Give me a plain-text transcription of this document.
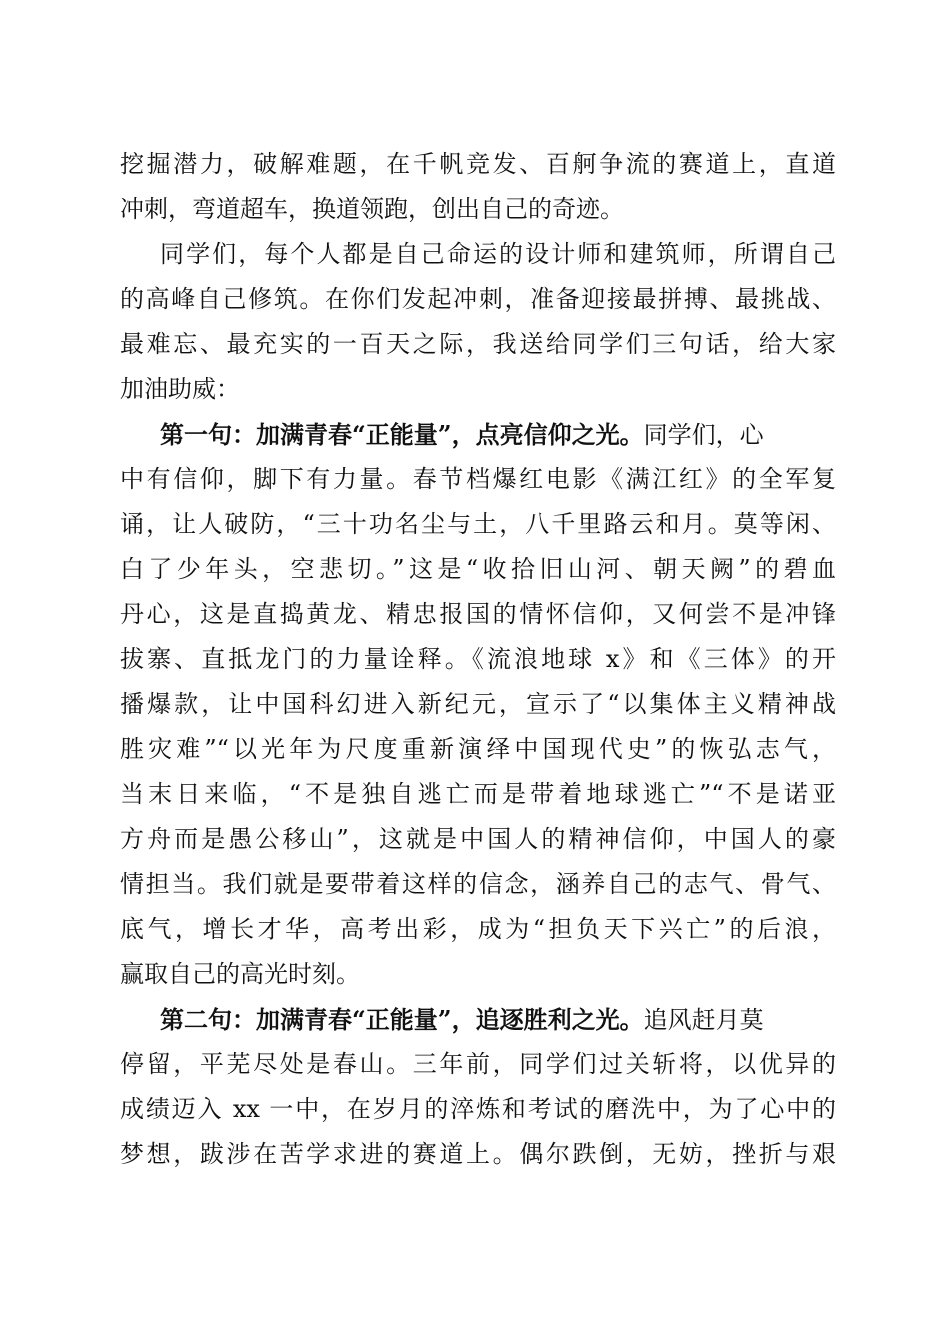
挖掘潜力，破解难题，在千帆竞发、百舸争流的赛道上，直道
冲刺，弯道超车，换道领跑，创出自己的奇迹。
同学们，每个人都是自己命运的设计师和建筑师，所谓自己
的高峰自己修筑。在你们发起冲刺，准备迎接最拼搏、最挑战、
最难忘、最充实的一百天之际，我送给同学们三句话，给大家
加油助威：
第一句：加满青春“正能量”，点亮信仰之光。同学们，心
中有信仰，脚下有力量。春节档爆红电影《满江红》的全军复
诵，让人破防，“三十功名尘与土，八千里路云和月。莫等闲、
白了少年头，空悲切。”这是“收拾旧山河、朝天阙”的碧血
丹心，这是直捣黄龙、精忠报国的情怀信仰，又何尝不是冲锋
拔寨、直抵龙门的力量诠释。《流浪地球 x》和《三体》的开
播爆款，让中国科幻进入新纪元，宣示了“以集体主义精神战
胜灾难”“以光年为尺度重新演绎中国现代史”的恢弘志气，
当末日来临，“不是独自逃亡而是带着地球逃亡”“不是诺亚
方舟而是愚公移山”，这就是中国人的精神信仰，中国人的豪
情担当。我们就是要带着这样的信念，涵养自己的志气、骨气、
底气，增长才华，高考出彩，成为“担负天下兴亡”的后浪，
赢取自己的高光时刻。
第二句：加满青春“正能量”，追逐胜利之光。追风赶月莫
停留，平芜尽处是春山。三年前，同学们过关斩将，以优异的
成绩迈入 xx 一中，在岁月的淬炼和考试的磨洗中，为了心中的
梦想，跋涉在苦学求进的赛道上。偶尔跌倒，无妨，挫折与艰
